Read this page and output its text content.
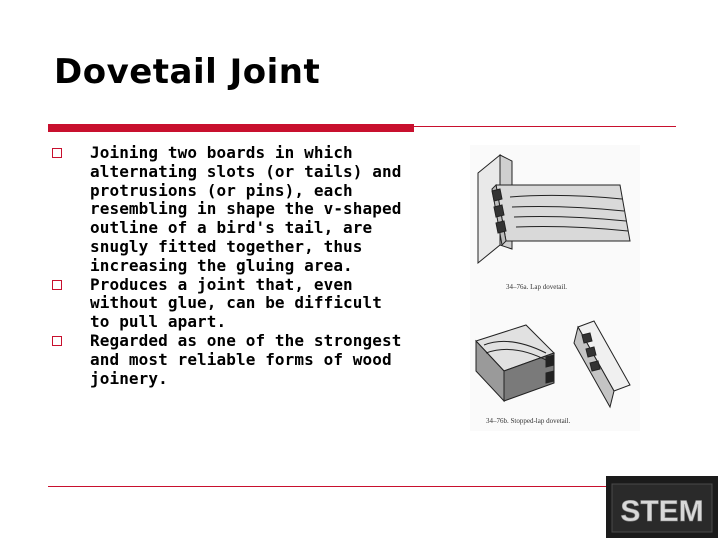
Dovetail Joint
Joining two boards in which alternating slots (or tails) and protrusions (or pins), each resembling in shape the v-shaped outline of a bird's tail, are snugly fitted together, thus increasing the gluing area.
Produces a joint that, even without glue, can be difficult to pull apart.
Regarded as one of the strongest and most reliable forms of wood joinery.
34–76a. Lap dovetail.
34–76b. Stopped-lap dovetail.
STEM
